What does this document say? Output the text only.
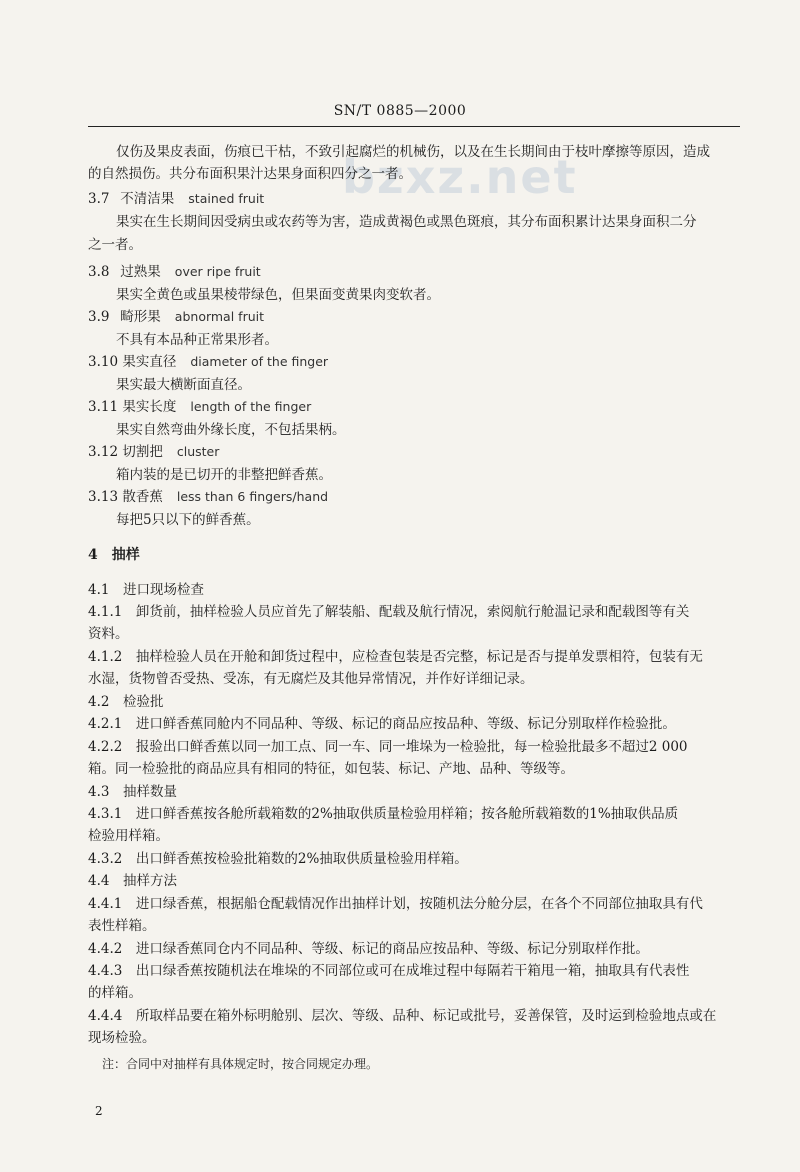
bzxz.net
SN/T 0885—2000
仅伤及果皮表面，伤痕已干枯，不致引起腐烂的机械伤，以及在生长期间由于枝叶摩擦等原因，造成
的自然损伤。共分布面积果汁达果身面积四分之一者。
3.7 不清洁果 stained fruit
果实在生长期间因受病虫或农药等为害，造成黄褐色或黑色斑痕，其分布面积累计达果身面积二分
之一者。
3.8 过熟果 over ripe fruit
果实全黄色或虽果棱带绿色，但果面变黄果肉变软者。
3.9 畸形果 abnormal fruit
不具有本品种正常果形者。
3.10 果实直径 diameter of the finger
果实最大横断面直径。
3.11 果实长度 length of the finger
果实自然弯曲外缘长度，不包括果柄。
3.12 切割把 cluster
箱内装的是已切开的非整把鲜香蕉。
3.13 散香蕉 less than 6 fingers/hand
每把5只以下的鲜香蕉。
4　抽样
4.1　进口现场检查
4.1.1　卸货前，抽样检验人员应首先了解装船、配载及航行情况，索阅航行舱温记录和配载图等有关
资料。
4.1.2　抽样检验人员在开舱和卸货过程中，应检查包装是否完整，标记是否与提单发票相符，包装有无
水湿，货物曾否受热、受冻，有无腐烂及其他异常情况，并作好详细记录。
4.2　检验批
4.2.1　进口鲜香蕉同舱内不同品种、等级、标记的商品应按品种、等级、标记分别取样作检验批。
4.2.2　报验出口鲜香蕉以同一加工点、同一车、同一堆垛为一检验批，每一检验批最多不超过2 000
箱。同一检验批的商品应具有相同的特征，如包装、标记、产地、品种、等级等。
4.3　抽样数量
4.3.1　进口鲜香蕉按各舱所载箱数的2%抽取供质量检验用样箱；按各舱所载箱数的1%抽取供品质
检验用样箱。
4.3.2　出口鲜香蕉按检验批箱数的2%抽取供质量检验用样箱。
4.4　抽样方法
4.4.1　进口绿香蕉，根据船仓配载情况作出抽样计划，按随机法分舱分层，在各个不同部位抽取具有代
表性样箱。
4.4.2　进口绿香蕉同仓内不同品种、等级、标记的商品应按品种、等级、标记分别取样作批。
4.4.3　出口绿香蕉按随机法在堆垛的不同部位或可在成堆过程中每隔若干箱甩一箱，抽取具有代表性
的样箱。
4.4.4　所取样品要在箱外标明舱别、层次、等级、品种、标记或批号，妥善保管，及时运到检验地点或在
现场检验。
注：合同中对抽样有具体规定时，按合同规定办理。
2
